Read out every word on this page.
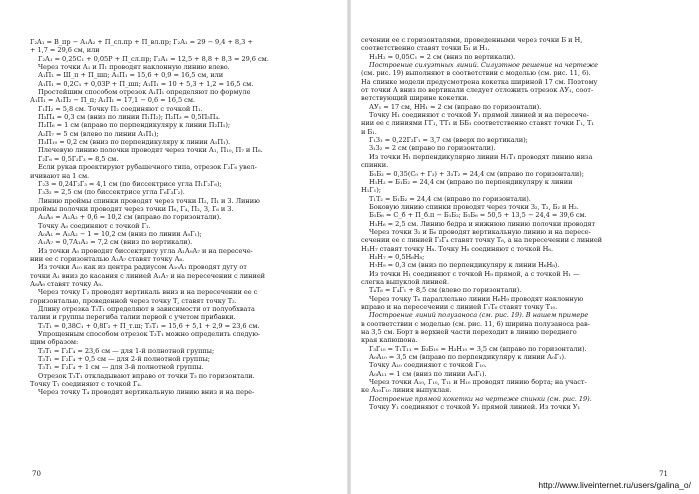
Г₂А₁ = В_пр − А₁А₂ + П_сл.пр + П_вл.пр; Г₂А₁ = 29 − 9,4 + 8,3 +
+ 1,7 = 29,6 см, или
Г₂А₁ = 0,25С₁ + 0,05Р + П_сл.пр; Г₂А₁ = 12,5 + 8,8 + 8,3 = 29,6 см.
Через точки А₁ и П₁ проводят наклонную линию влево.
А₁П₁ = Ш_п + П_шп; А₁П₁ = 15,6 + 0,9 = 16,5 см, или
А₁П₁ = 0,2С₁ + 0,03Р + П_шп; А₁П₁ = 10 + 5,3 + 1,2 = 16,5 см.
Простейшим способом отрезок А₁П₁ определяют по формуле
А₁П₁ = А₁П₂ − П_п; А₁П₁ = 17,1 − 0,6 = 16,5 см.
Г₁П₂ = 5,8 см. Точку П₂ соединяют с точкой П₁.
П₃П₄ = 0,3 см (вниз по линии П₁П₂); П₂П₃ = 0,5П₃П₄.
П₂П₆ = 1 см (вправо по перпендикуляру к линии П₂П₁);
А₂П₇ = 5 см (влево по линии А₁П₁);
П₃П₁₀ = 0,2 см (вниз по перпендикуляру к линии А₁П₁).
Плечевую линию полочки проводят через точки А₁, П₁₀, П₇ и П₈.
Г₂Г₆ = 0,5Г₂Г₃ = 8,5 см.
Если рукав проектируют рубашечного типа, отрезок Г₂Г₆ увел-
ичивают на 1 см.
Г₂З = 0,24Г₂Г₃ = 4,1 см (по биссектрисе угла П₁Г₂Г₆);
Г₃З₂ = 2,5 см (по биссектрисе угла Г₆Г₃Г₂).
Линию проймы спинки проводят через точки П₂, П₁ и З. Линию
проймы полочки проводят через точки П₆, Г₄, П₂, З, Г₆ и З.
А₂А₀ = А₁А₂ + 0,6 = 10,2 см (вправо по горизонтали).
Точку А₀ соединяют с точкой Г₁.
А₀А₁ = А₁А₂ − 1 = 10,2 см (вниз по линии А₀Г₁);
А₁А₇ = 0,7А₁А₂ = 7,2 см (вниз по вертикали).
Из точки А₀ проводят биссектрису угла А₁А₀А₇ и на пересече-
нии ее с горизонталью А₁А₇ ставят точку А₈.
Из точки А₁₀ как из центра радиусом А₁₀А₁ проводят дугу от
точки А₁ вниз до касания с линией А₁А₇ и на пересечении с линией
А₈А₀ ставят точку А₉.
Через точку Г₂ проводят вертикаль вниз и на пересечении ее с
горизонталью, проведенной через точку Т, ставят точку Т₂.
Длину отрезка Т₃Т₁ определяют в зависимости от полуобхвата
талии и группы перегиба талии первой с учетом прибавки.
Т₃Т₁ = 0,38С₁ + 0,8Г₃ + П_т.ш; Т₃Т₁ = 15,6 + 5,1 + 2,9 = 23,6 см.
Упрощенным способом отрезок Т₃Т₁ можно определить следую-
щим образом:
Т₃Т₁ = Г₂Г₄ = 23,6 см — для 1-й полнотной группы;
Т₃Т₁ = Г₂Г₄ + 0,5 см — для 2-й полнотной группы;
Т₃Т₁ = Г₂Г₄ + 1 см — для 3-й полнотной группы.
Отрезок Т₃Т₁ откладывают вправо от точки Т₃ по горизонтали.
Точку Т₁ соединяют с точкой Г₄.
Через точку Т₄ проводят вертикальную линию вниз и на пере-
70
сечении ее с горизонталями, проведенными через точки Б и Н,
соответственно ставят точки Б₁ и Н₁.
Н₁Н₂ = 0,05С₁ = 2 см (вниз по вертикали).
Построение силуэтных линий. Силуэтное решение на чертеже
(см. рис. 19) выполняют в соответствии с моделью (см. рис. 11, 6).
На спинке модели предусмотрена кокетка шириной 17 см. Поэтому
от точки А вниз по вертикали следует отложить отрезок АУ₁, соот-
ветствующий ширине кокетки.
АУ₁ = 17 см, НН₁ = 2 см (вправо по горизонтали).
Точку Н₁ соединяют с точкой У₁ прямой линией и на пересече-
нии ее с линиями ГГ₁, ТТ₁ и ББ₁ соответственно ставят точки Г₁, Т₁
и Б₁.
Г₁З₁ = 0,22Г₂Г₁ = 3,7 см (вверх по вертикали);
З₁З₂ = 2 см (вправо по горизонтали).
Из точки Н₁ перпендикулярно линии Н₁Т₁ проводят линию низа
спинки.
Б₁Б₂ = 0,35(С₀ + Г₃) + 3₃Т₂ = 24,4 см (вправо по горизонтали);
Н₁Н₂ = Б₁Б₂ = 24,4 см (вправо по перпендикуляру к линии
Н₁Г₁);
Т₁Т₂ = Б₁Б₂ = 24,4 см (вправо по горизонтали).
Боковую линию спинки проводят через точки З₂, Т₂, Б₂ и Н₂.
Б₁Б₆ = С_б + П_б.п − Б₁Б₂; Б₁Б₆ = 50,5 + 13,5 − 24,4 = 39,6 см.
Н₁Н₆ = 2,5 см. Линию бедра и нижнюю линию полочки проводят
Через точки З₂ и Б₆ проводят вертикальную линию и на пересе-
сечении ее с линией Г₃Г₄ ставят точку Т₆, а на пересечении с линией
Н₁Н₇ ставят точку Н₈. Точку Н₈ соединяют с точкой Н₆.
Н₅Н₇ = 0,5Н₆Н₈;
Н₇Н₉ = 0,3 см (вниз по перпендикуляру к линии Н₆Н₈).
Из точки Н₁ соединяют с точкой Н₉ прямой, а с точкой Н₁ —
слегка выпуклой линией.
Т₄Т₆ = Г₄Г₁ + 8,5 см (влево по горизонтали).
Через точку Т₆ параллельно линии Н₆Н₉ проводят наклонную
вправо и на пересечении с линией Г₁Т₆ ставят точку Т₁₀.
Построение линий полузаноса (см. рис. 19). В нашем примере
в соответствии с моделью (см. рис. 11, 6) ширина полузаноса рав-
на 3,5 см. Борт в верхней части переходит в линию переднего
края капюшона.
Г₃Г₁₀ = Т₁Т₁₁ = Б₃Б₁₀ = Н₃Н₁₀ = 3,5 см (вправо по горизонтали).
А₀А₁₀ = 3,5 см (вправо по перпендикуляру к линии А₀Г₁).
Точку А₁₀ соединяют с точкой Г₁₀.
А₀А₁₁ = 1 см (вниз по линии А₀Г₁).
Через точки А₁₀, Г₁₀, Т₁₁ и Н₁₀ проводят линию борта; на участ-
ке А₁₀Г₁₀ линия выпуклая.
Построение прямой кокетки на чертеже спинки (см. рис. 19).
Точку У₁ соединяют с точкой У₂ прямой линией. Из точки У₁
71
http://www.liveinternet.ru/users/galina_o/
